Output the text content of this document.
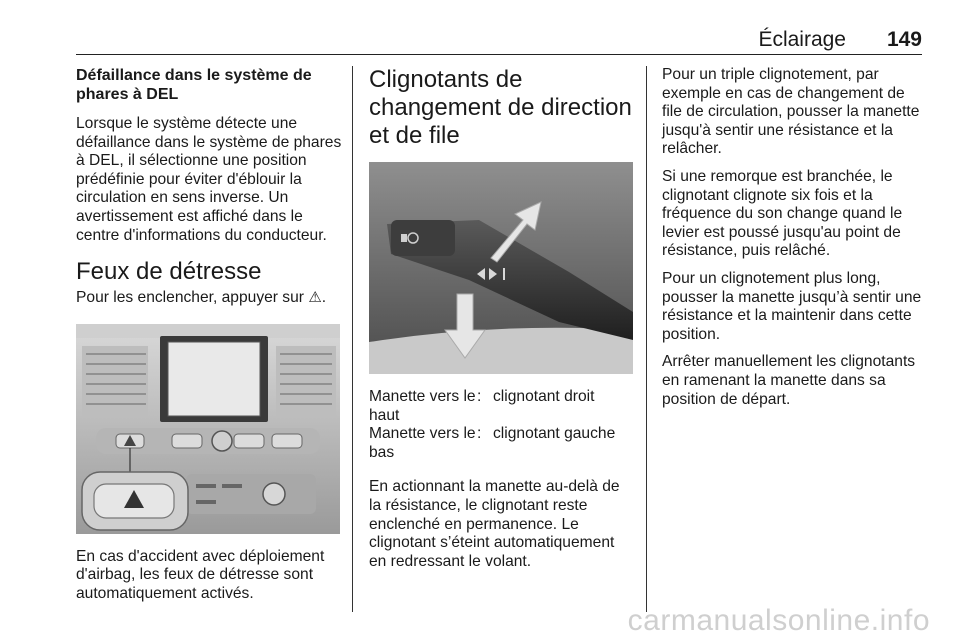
Éclairage 149
Défaillance dans le système de phares à DEL

Lorsque le système détecte une défaillance dans le système de phares à DEL, il sélectionne une position prédéfinie pour éviter d'éblouir la circulation en sens inverse. Un avertissement est affiché dans le centre d'informations du conducteur.

Feux de détresse

Pour les enclencher, appuyer sur ⚠.

En cas d'accident avec déploiement d'airbag, les feux de détresse sont automatiquement activés.

Clignotants de changement de direction et de file
Manette vers le haut
: clignotant droit
Manette vers le bas
: clignotant gauche

En actionnant la manette au-delà de la résistance, le clignotant reste enclenché en permanence. Le clignotant s’éteint automatiquement en redressant le volant.

Pour un triple clignotement, par exemple en cas de changement de file de circulation, pousser la manette jusqu'à sentir une résistance et la relâcher.

Si une remorque est branchée, le clignotant clignote six fois et la fréquence du son change quand le levier est poussé jusqu'au point de résistance, puis relâché.

Pour un clignotement plus long, pousser la manette jusqu’à sentir une résistance et la maintenir dans cette position.

Arrêter manuellement les clignotants en ramenant la manette dans sa position de départ.

carmanualsonline.info
